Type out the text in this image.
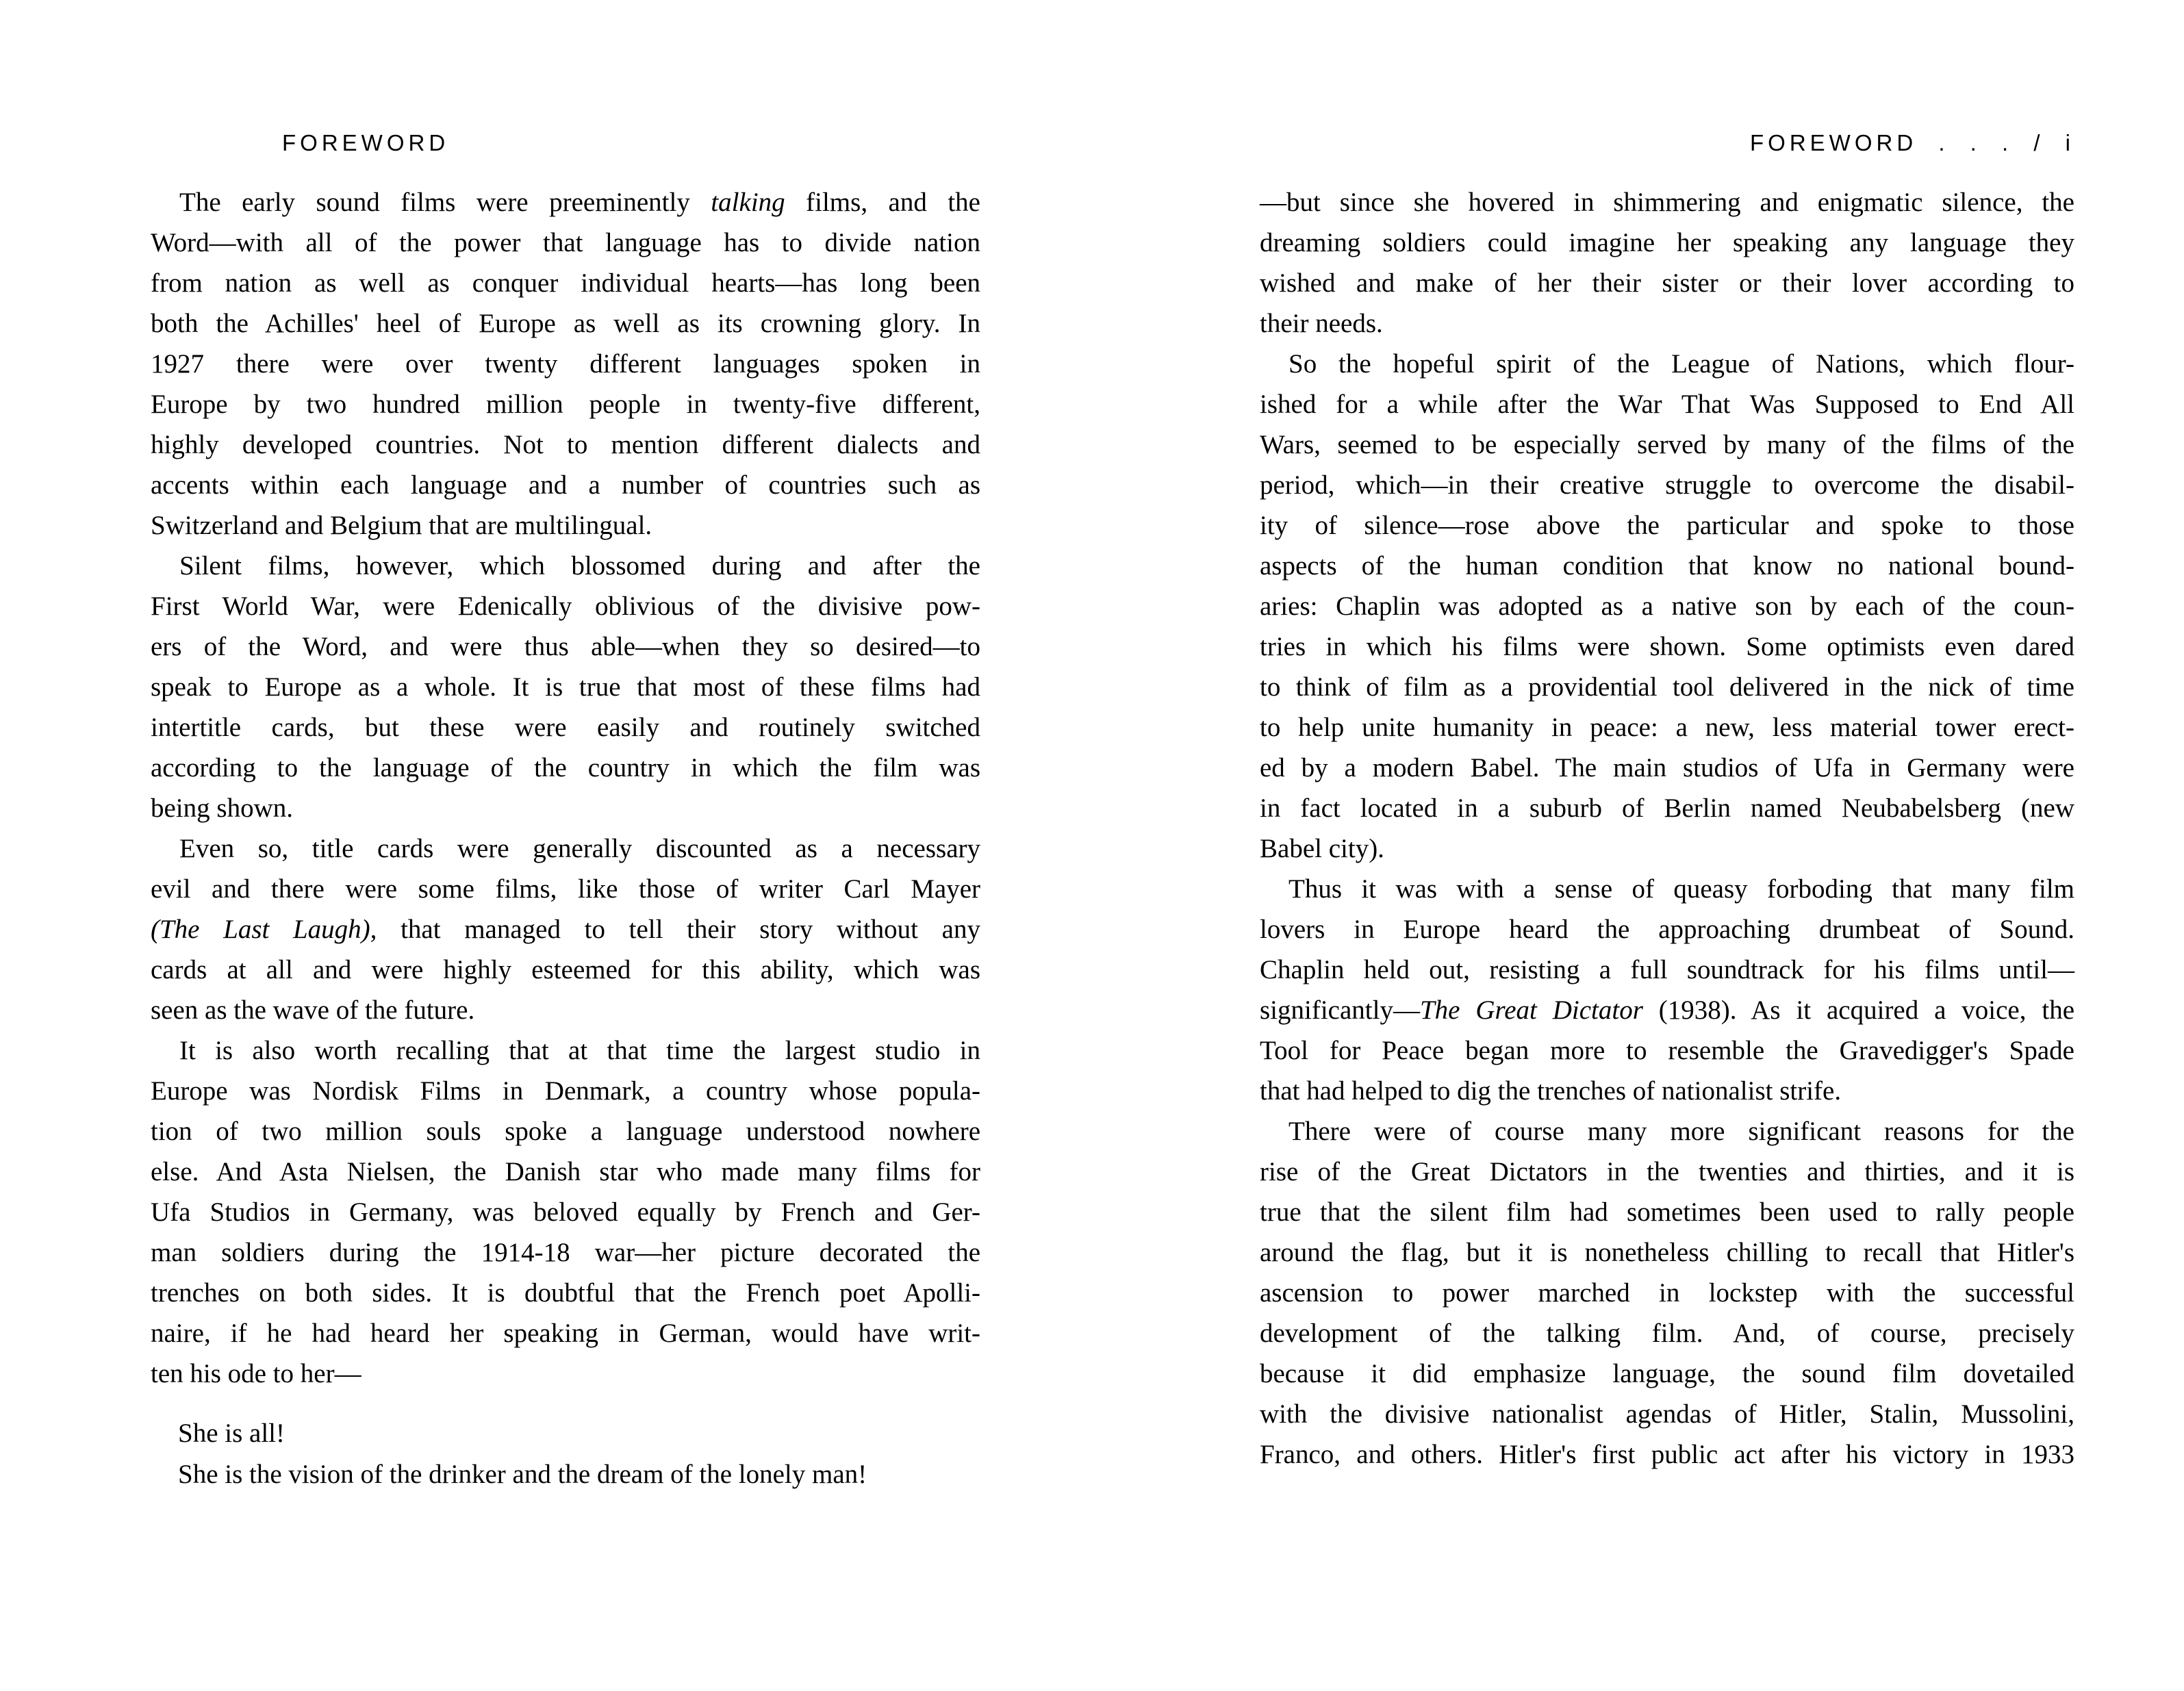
FOREWORD
The early sound films were preeminently talking films, and the
Word—with all of the power that language has to divide nation
from nation as well as conquer individual hearts—has long been
both the Achilles' heel of Europe as well as its crowning glory. In
1927 there were over twenty different languages spoken in
Europe by two hundred million people in twenty-five different,
highly developed countries. Not to mention different dialects and
accents within each language and a number of countries such as
Switzerland and Belgium that are multilingual.
Silent films, however, which blossomed during and after the
First World War, were Edenically oblivious of the divisive pow-
ers of the Word, and were thus able—when they so desired—to
speak to Europe as a whole. It is true that most of these films had
intertitle cards, but these were easily and routinely switched
according to the language of the country in which the film was
being shown.
Even so, title cards were generally discounted as a necessary
evil and there were some films, like those of writer Carl Mayer
(The Last Laugh), that managed to tell their story without any
cards at all and were highly esteemed for this ability, which was
seen as the wave of the future.
It is also worth recalling that at that time the largest studio in
Europe was Nordisk Films in Denmark, a country whose popula-
tion of two million souls spoke a language understood nowhere
else. And Asta Nielsen, the Danish star who made many films for
Ufa Studios in Germany, was beloved equally by French and Ger-
man soldiers during the 1914-18 war—her picture decorated the
trenches on both sides. It is doubtful that the French poet Apolli-
naire, if he had heard her speaking in German, would have writ-
ten his ode to her—
She is all!
She is the vision of the drinker and the dream of the lonely man!
FOREWORD . . . / i
—but since she hovered in shimmering and enigmatic silence, the
dreaming soldiers could imagine her speaking any language they
wished and make of her their sister or their lover according to
their needs.
So the hopeful spirit of the League of Nations, which flour-
ished for a while after the War That Was Supposed to End All
Wars, seemed to be especially served by many of the films of the
period, which—in their creative struggle to overcome the disabil-
ity of silence—rose above the particular and spoke to those
aspects of the human condition that know no national bound-
aries: Chaplin was adopted as a native son by each of the coun-
tries in which his films were shown. Some optimists even dared
to think of film as a providential tool delivered in the nick of time
to help unite humanity in peace: a new, less material tower erect-
ed by a modern Babel. The main studios of Ufa in Germany were
in fact located in a suburb of Berlin named Neubabelsberg (new
Babel city).
Thus it was with a sense of queasy forboding that many film
lovers in Europe heard the approaching drumbeat of Sound.
Chaplin held out, resisting a full soundtrack for his films until—
significantly—The Great Dictator (1938). As it acquired a voice, the
Tool for Peace began more to resemble the Gravedigger's Spade
that had helped to dig the trenches of nationalist strife.
There were of course many more significant reasons for the
rise of the Great Dictators in the twenties and thirties, and it is
true that the silent film had sometimes been used to rally people
around the flag, but it is nonetheless chilling to recall that Hitler's
ascension to power marched in lockstep with the successful
development of the talking film. And, of course, precisely
because it did emphasize language, the sound film dovetailed
with the divisive nationalist agendas of Hitler, Stalin, Mussolini,
Franco, and others. Hitler's first public act after his victory in 1933
